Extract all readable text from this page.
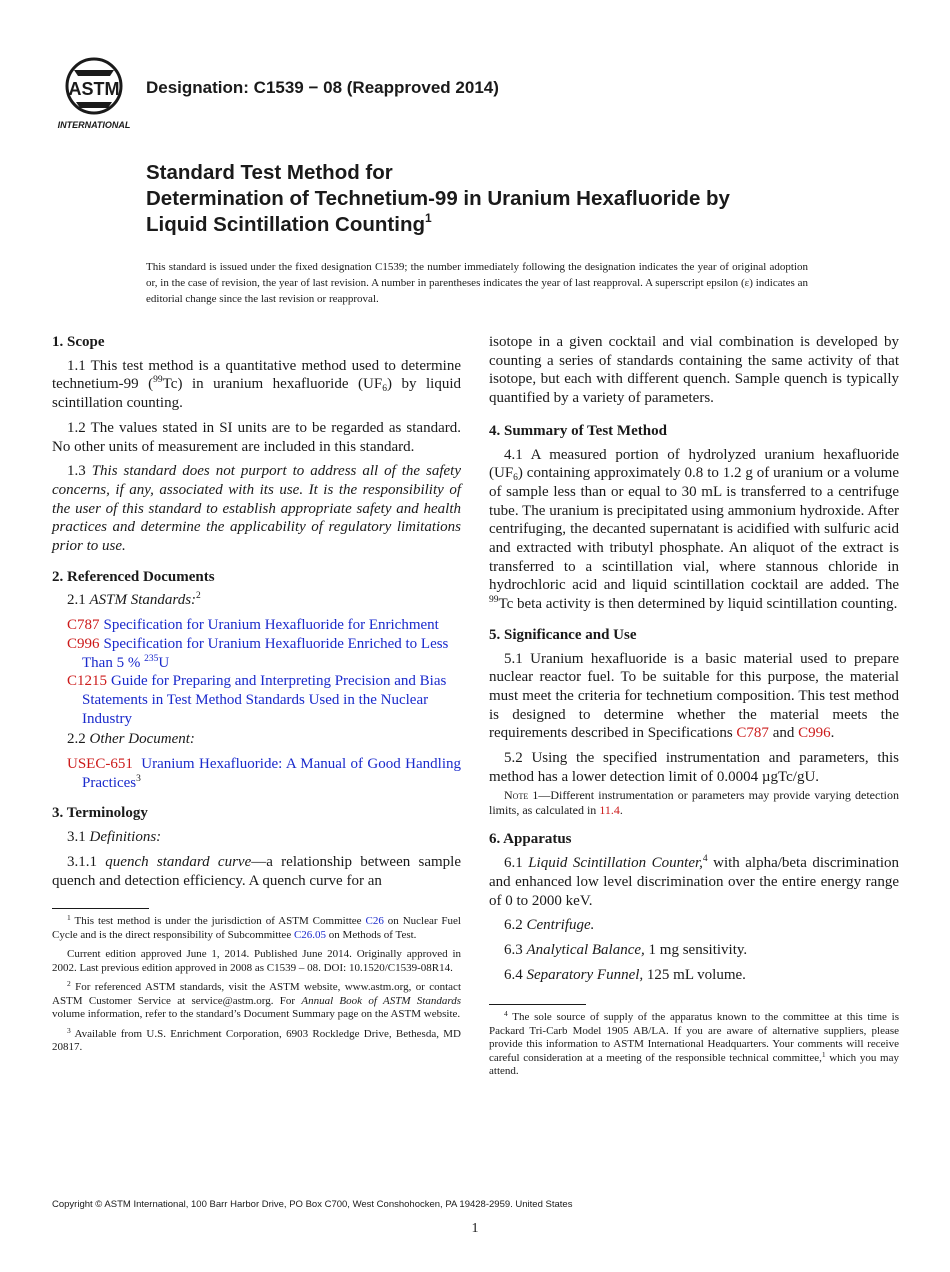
ASTM
INTERNATIONAL
Designation: C1539 − 08 (Reapproved 2014)
Standard Test Method for
Determination of Technetium-99 in Uranium Hexafluoride by
Liquid Scintillation Counting$^1$
This standard is issued under the fixed designation C1539; the number immediately following the designation indicates the year of original adoption or, in the case of revision, the year of last revision. A number in parentheses indicates the year of last reapproval. A superscript epsilon (ε) indicates an editorial change since the last revision or reapproval.
1. Scope

1.1 This test method is a quantitative method used to determine technetium-99 ($^{99}$Tc) in uranium hexafluoride $(UF_6)$ by liquid scintillation counting.

1.2 The values stated in SI units are to be regarded as standard. No other units of measurement are included in this standard.

1.3 This standard does not purport to address all of the safety concerns, if any, associated with its use. It is the responsibility of the user of this standard to establish appropriate safety and health practices and determine the applicability of regulatory limitations prior to use.

2. Referenced Documents

2.1 ASTM Standards:$^2$

C787 Specification for Uranium Hexafluoride for Enrichment
C996 Specification for Uranium Hexafluoride Enriched to Less Than 5 % $^{235}$U
C1215 Guide for Preparing and Interpreting Precision and Bias Statements in Test Method Standards Used in the Nuclear Industry

2.2 Other Document:

USEC-651 Uranium Hexafluoride: A Manual of Good Handling Practices$^3$
3. Terminology

3.1 Definitions:

3.1.1 quench standard curve—a relationship between sample quench and detection efficiency. A quench curve for an

$^1$ This test method is under the jurisdiction of ASTM Committee C26 on Nuclear Fuel Cycle and is the direct responsibility of Subcommittee C26.05 on Methods of Test.

Current edition approved June 1, 2014. Published June 2014. Originally approved in 2002. Last previous edition approved in 2008 as C1539 – 08. DOI: 10.1520/C1539-08R14.

$^2$ For referenced ASTM standards, visit the ASTM website, www.astm.org, or contact ASTM Customer Service at service@astm.org. For Annual Book of ASTM Standards volume information, refer to the standard’s Document Summary page on the ASTM website.

$^3$ Available from U.S. Enrichment Corporation, 6903 Rockledge Drive, Bethesda, MD 20817.

isotope in a given cocktail and vial combination is developed by counting a series of standards containing the same activity of that isotope, but each with different quench. Sample quench is typically quantified by a variety of parameters.

4. Summary of Test Method

4.1 A measured portion of hydrolyzed uranium hexafluoride $(UF_6)$ containing approximately 0.8 to 1.2 g of uranium or a volume of sample less than or equal to 30 mL is transferred to a centrifuge tube. The uranium is precipitated using ammonium hydroxide. After centrifuging, the decanted supernatant is acidified with sulfuric acid and extracted with tributyl phosphate. An aliquot of the extract is transferred to a scintillation vial, where stannous chloride in hydrochloric acid and liquid scintillation cocktail are added. The $^{99}$Tc beta activity is then determined by liquid scintillation counting.

5. Significance and Use

5.1 Uranium hexafluoride is a basic material used to prepare nuclear reactor fuel. To be suitable for this purpose, the material must meet the criteria for technetium composition. This test method is designed to determine whether the material meets the requirements described in Specifications C787 and C996.

5.2 Using the specified instrumentation and parameters, this method has a lower detection limit of 0.0004 µgTc/gU.

Note 1—Different instrumentation or parameters may provide varying detection limits, as calculated in 11.4.

6. Apparatus

6.1 Liquid Scintillation Counter,$^4$ with alpha/beta discrimination and enhanced low level discrimination over the entire energy range of 0 to 2000 keV.

6.2 Centrifuge.

6.3 Analytical Balance, 1 mg sensitivity.

6.4 Separatory Funnel, 125 mL volume.

$^4$ The sole source of supply of the apparatus known to the committee at this time is Packard Tri-Carb Model 1905 AB/LA. If you are aware of alternative suppliers, please provide this information to ASTM International Headquarters. Your comments will receive careful consideration at a meeting of the responsible technical committee,$^1$ which you may attend.

Copyright © ASTM International, 100 Barr Harbor Drive, PO Box C700, West Conshohocken, PA 19428-2959. United States
1
